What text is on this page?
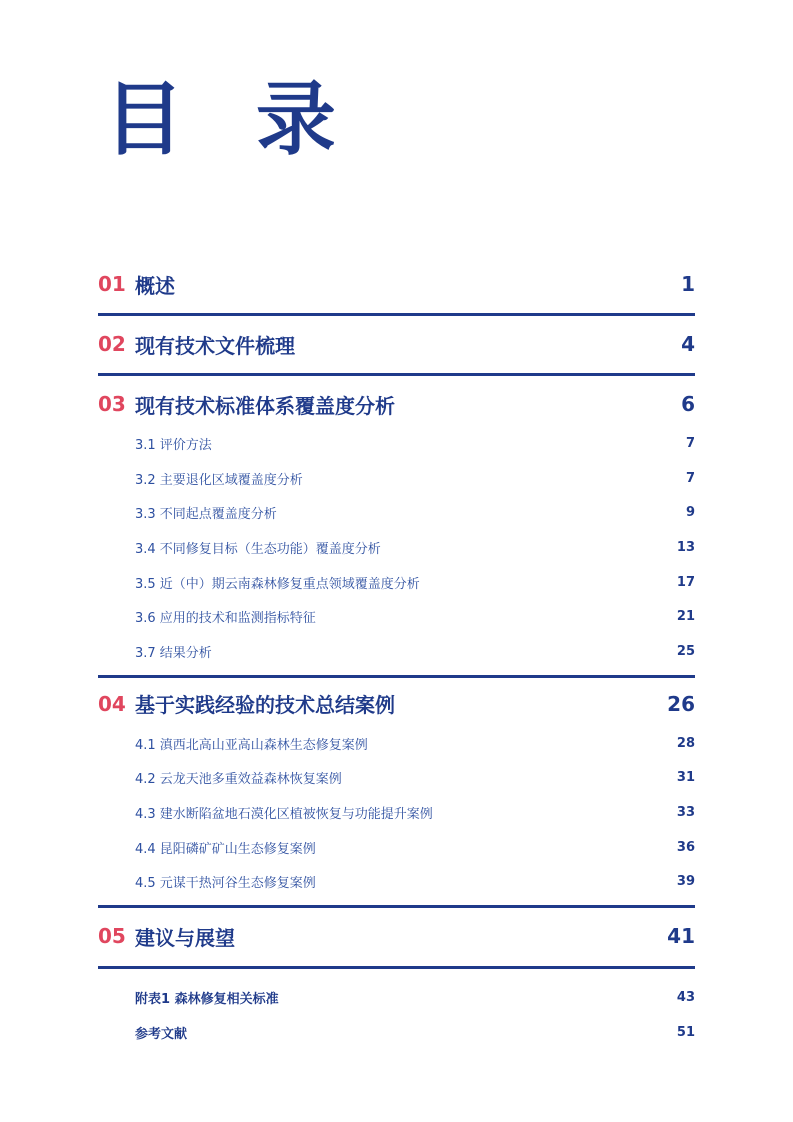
目 录
01 概述	1
02 现有技术文件梳理	4
03 现有技术标准体系覆盖度分析	6
3.1 评价方法	7
3.2 主要退化区域覆盖度分析	7
3.3 不同起点覆盖度分析	9
3.4 不同修复目标（生态功能）覆盖度分析	13
3.5 近（中）期云南森林修复重点领域覆盖度分析	17
3.6 应用的技术和监测指标特征	21
3.7 结果分析	25
04 基于实践经验的技术总结案例	26
4.1 滇西北高山亚高山森林生态修复案例	28
4.2 云龙天池多重效益森林恢复案例	31
4.3 建水断陷盆地石漠化区植被恢复与功能提升案例	33
4.4 昆阳磷矿矿山生态修复案例	36
4.5 元谋干热河谷生态修复案例	39
05 建议与展望	41
附表1 森林修复相关标准	43
参考文献	51
